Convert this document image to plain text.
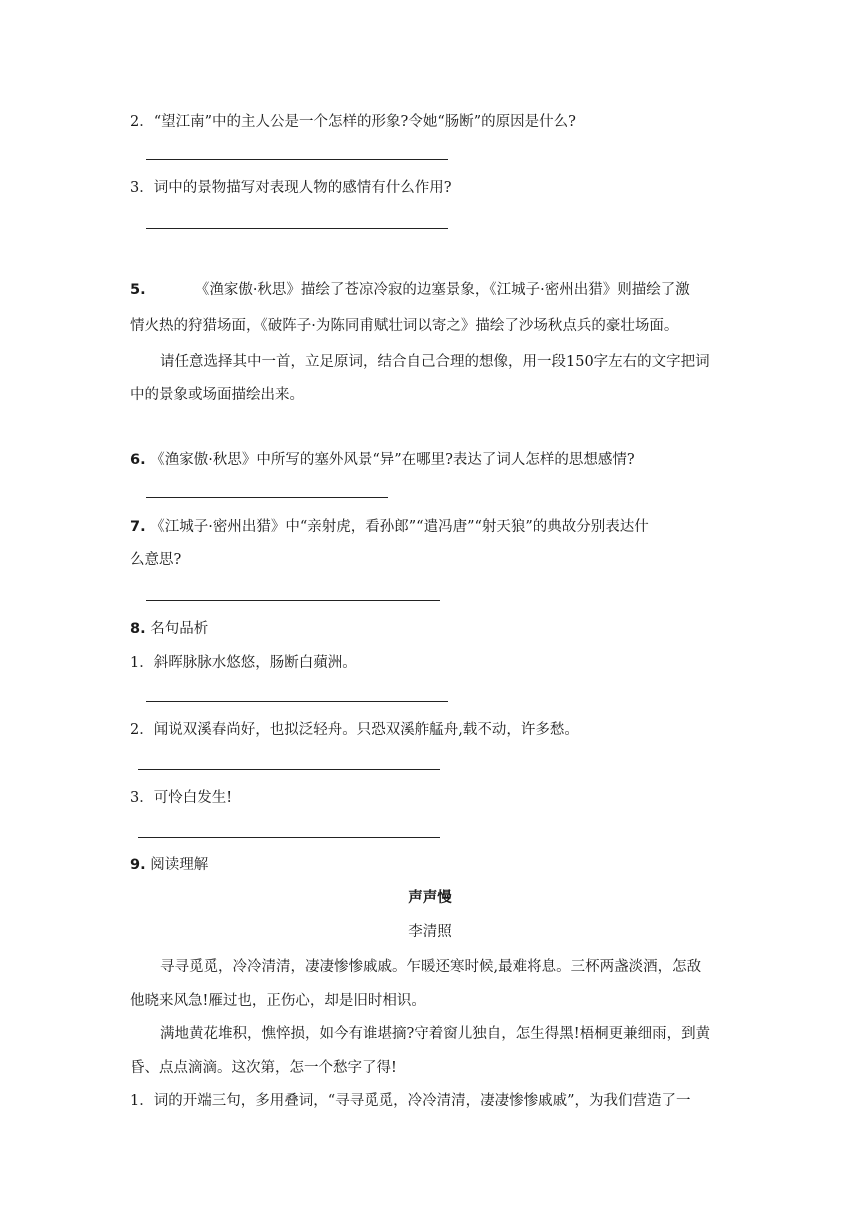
2．“望江南”中的主人公是一个怎样的形象?令她“肠断”的原因是什么?
3．词中的景物描写对表现人物的感情有什么作用?
5.	《渔家傲·秋思》描绘了苍凉冷寂的边塞景象，《江城子·密州出猎》则描绘了激
情火热的狩猎场面，《破阵子·为陈同甫赋壮词以寄之》描绘了沙场秋点兵的豪壮场面。
请任意选择其中一首，立足原词，结合自己合理的想像，用一段150字左右的文字把词
中的景象或场面描绘出来。
6. 《渔家傲·秋思》中所写的塞外风景“异”在哪里?表达了词人怎样的思想感情?
7. 《江城子·密州出猎》中“亲射虎，看孙郎”“遣冯唐”“射天狼”的典故分别表达什
么意思?
8. 名句品析
1．斜晖脉脉水悠悠，肠断白蘋洲。
2．闻说双溪春尚好，也拟泛轻舟。只恐双溪舴艋舟,载不动，许多愁。
3．可怜白发生!
9. 阅读理解
声声慢
李清照
寻寻觅觅，冷冷清清，凄凄惨惨戚戚。乍暖还寒时候,最难将息。三杯两盏淡酒，怎敌
他晓来风急!雁过也，正伤心，却是旧时相识。
满地黄花堆积，憔悴损，如今有谁堪摘?守着窗儿独自，怎生得黑!梧桐更兼细雨，到黄
昏、点点滴滴。这次第，怎一个愁字了得!
1．词的开端三句，多用叠词，“寻寻觅觅，冷冷清清，凄凄惨惨戚戚”，为我们营造了一
